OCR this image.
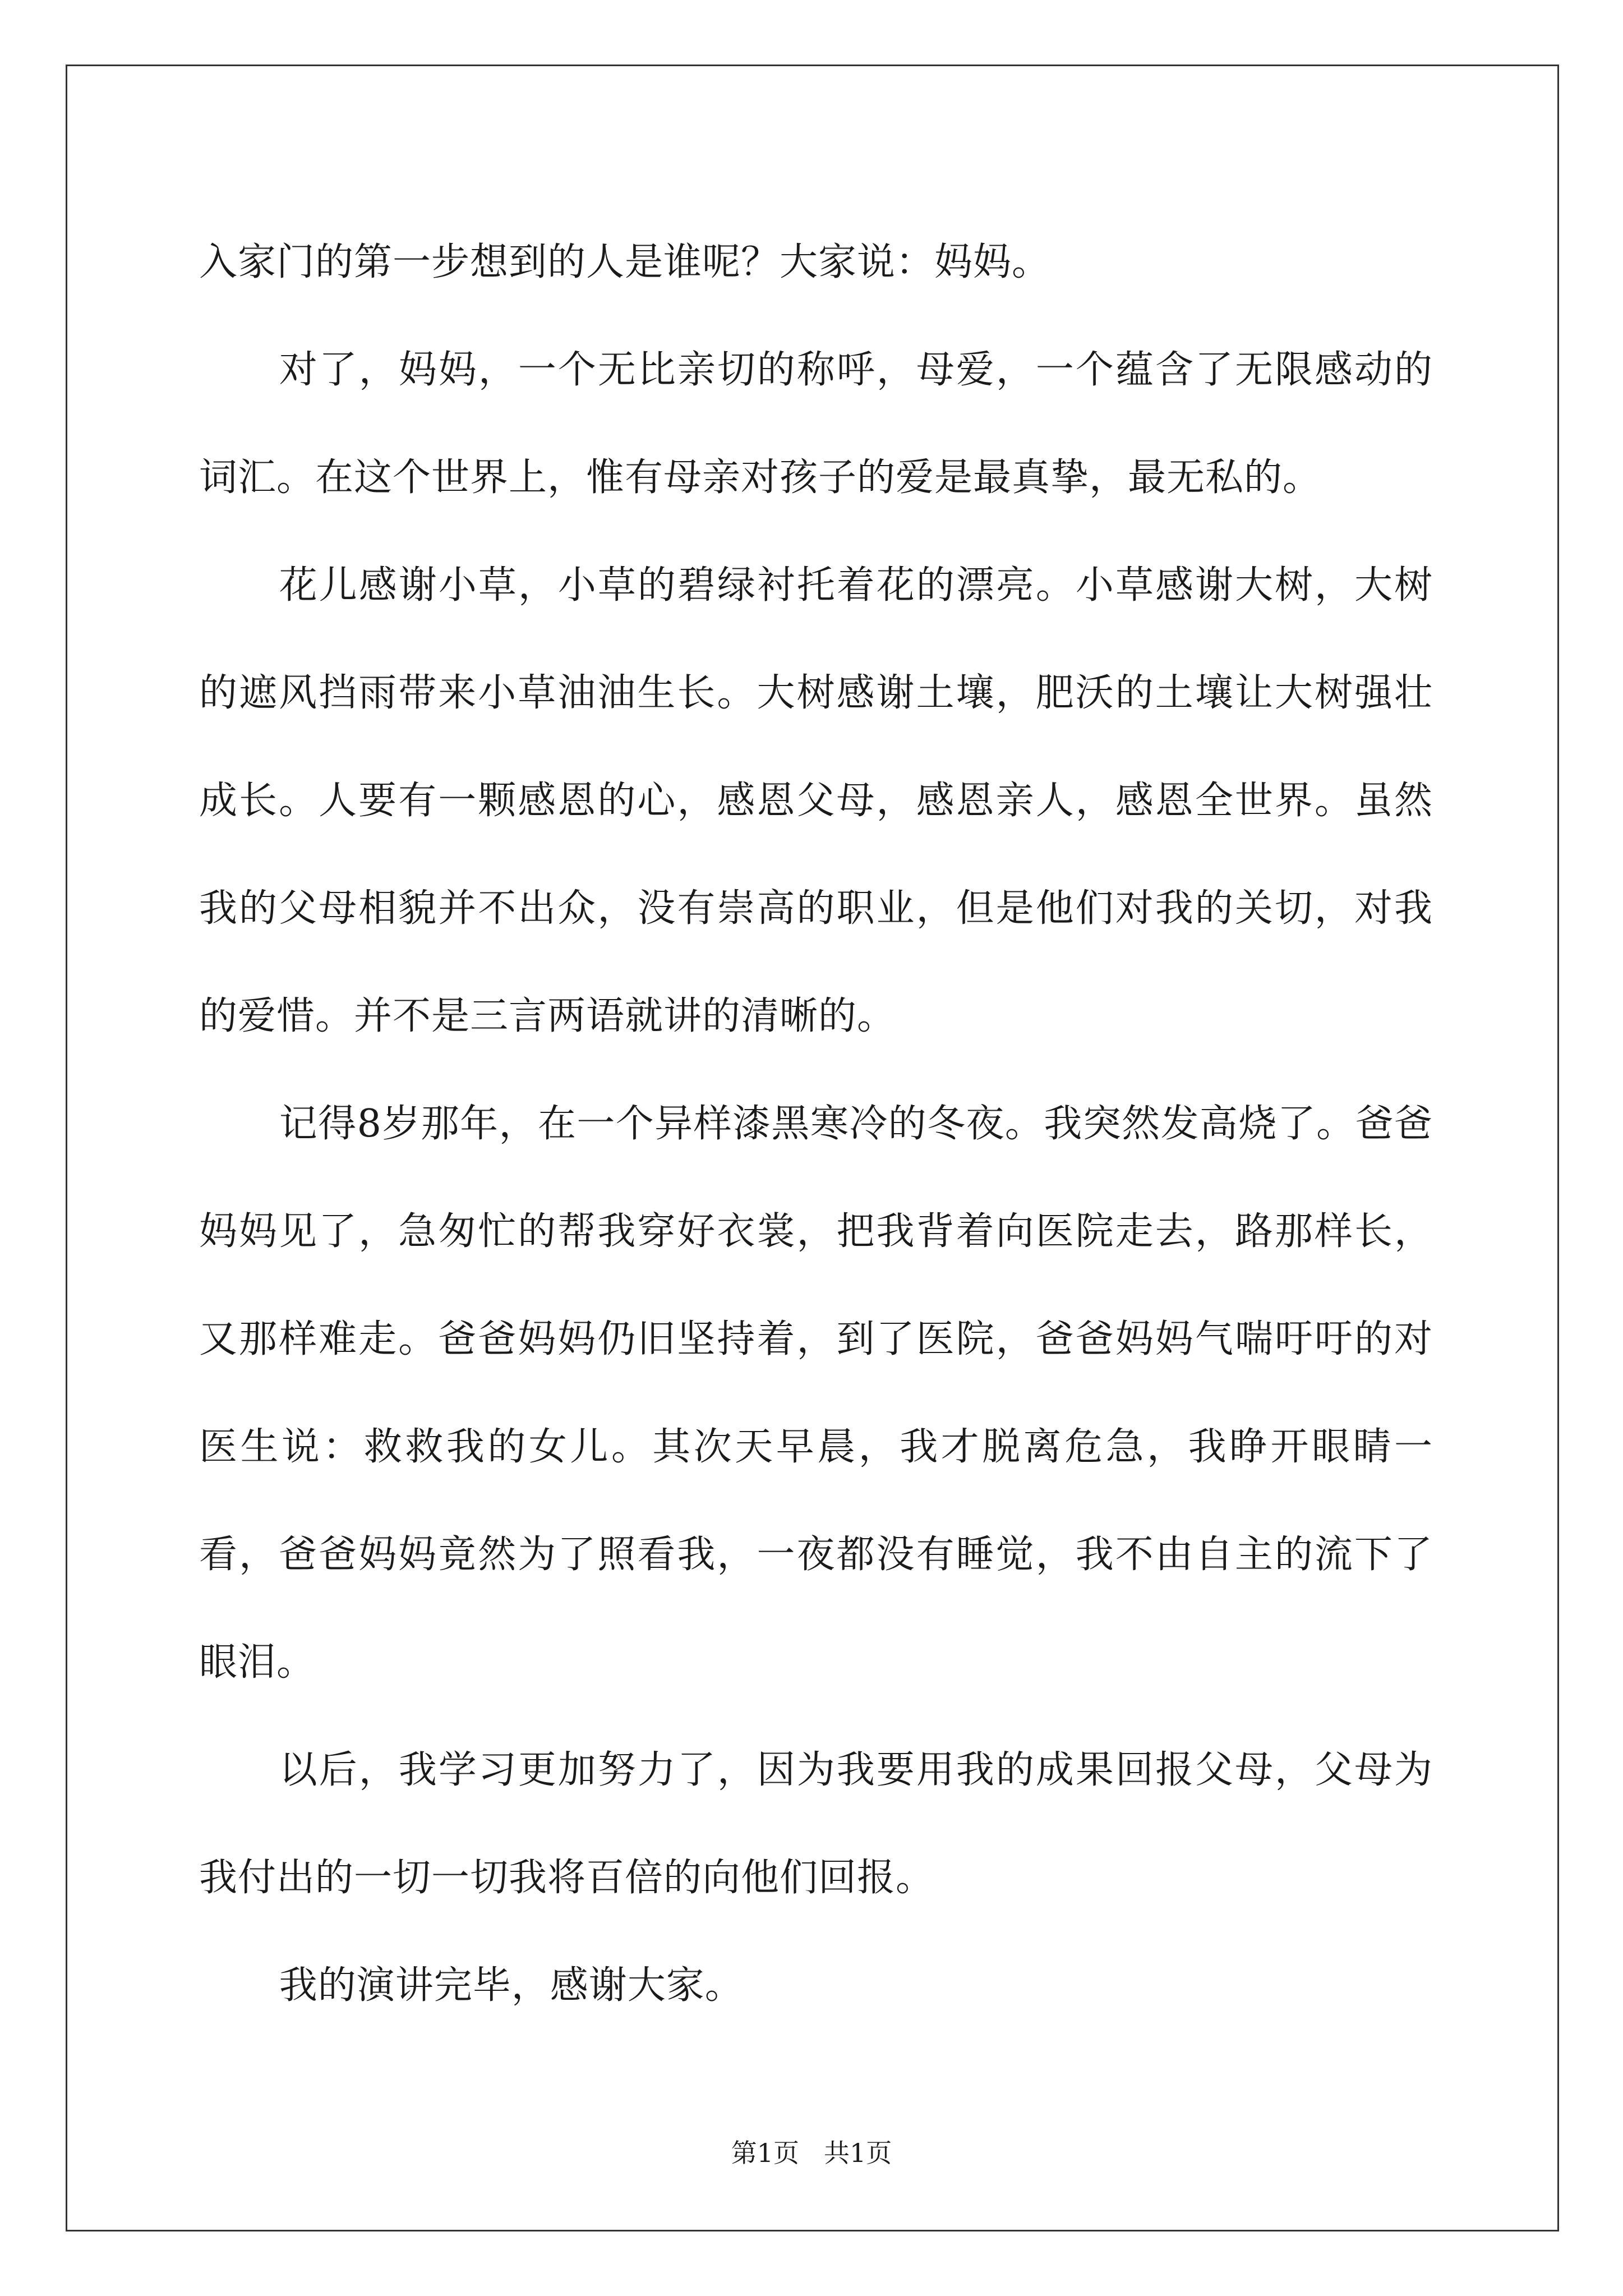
入家门的第一步想到的人是谁呢？大家说：妈妈。

对了，妈妈，一个无比亲切的称呼，母爱，一个蕴含了无限感动的词汇。在这个世界上，惟有母亲对孩子的爱是最真挚，最无私的。

花儿感谢小草，小草的碧绿衬托着花的漂亮。小草感谢大树，大树的遮风挡雨带来小草油油生长。大树感谢土壤，肥沃的土壤让大树强壮成长。人要有一颗感恩的心，感恩父母，感恩亲人，感恩全世界。虽然我的父母相貌并不出众，没有崇高的职业，但是他们对我的关切，对我的爱惜。并不是三言两语就讲的清晰的。

记得8岁那年，在一个异样漆黑寒冷的冬夜。我突然发高烧了。爸爸妈妈见了，急匆忙的帮我穿好衣裳，把我背着向医院走去，路那样长，又那样难走。爸爸妈妈仍旧坚持着，到了医院，爸爸妈妈气喘吁吁的对医生说：救救我的女儿。其次天早晨，我才脱离危急，我睁开眼睛一看，爸爸妈妈竟然为了照看我，一夜都没有睡觉，我不由自主的流下了眼泪。

以后，我学习更加努力了，因为我要用我的成果回报父母，父母为我付出的一切一切我将百倍的向他们回报。

我的演讲完毕，感谢大家。

第1页 共1页
